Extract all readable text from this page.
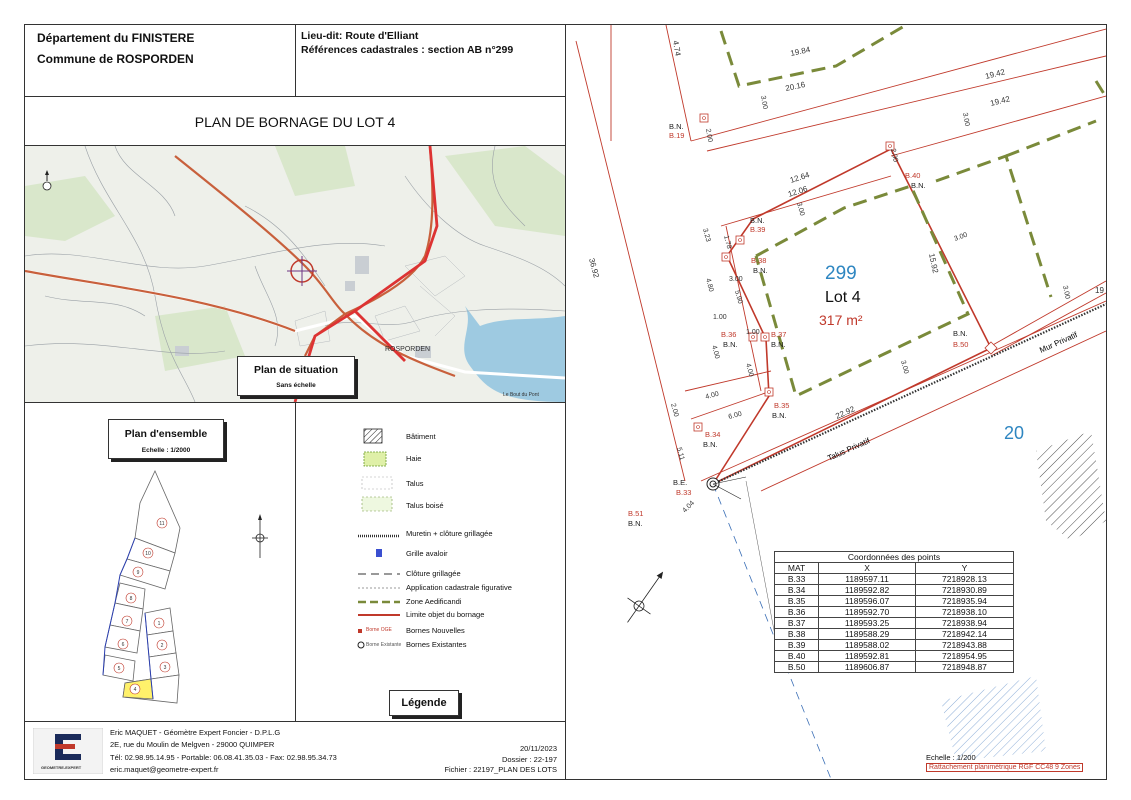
Département du FINISTERE
Commune de ROSPORDEN
Lieu-dit: Route d'Elliant
Références cadastrales : section AB n°299
PLAN DE BORNAGE DU LOT 4
ROSPORDEN
Le Bout du Pont
Plan de situation
Sans échelle
Plan d'ensemble
Echelle : 1/2000
11
10
9
8
7
6
5
1
2
3
4
Bâtiment
Haie
Talus
Talus boisé
Muretin + clôture grillagée
Grille avaloir
Clôture grillagée
Application cadastrale figurative
Zone Aedificandi
Limite objet du bornage
Borne OGE Bornes Nouvelles
Borne Existante Bornes Existantes
Légende
GEOMETRE-EXPERT
Eric MAQUET - Géomètre Expert Foncier - D.P.L.G
2E, rue du Moulin de Melgven - 29000 QUIMPER
Tél: 02.98.95.14.95 - Portable: 06.08.41.35.03 - Fax: 02.98.95.34.73
eric.maquet@geometre-expert.fr
20/11/2023
Dossier : 22-197
Fichier : 22197_PLAN DES LOTS
4.74	19.84
20.16
19.42
19.42
3.00
3.00
2.00
2.00
12.64
12.06
3.00
3.23 1.78
15.92
3.00
3.00	19
36.92
4.80
5.90
3.00
1.00
1.00
4.00
4.00	3.00
4.00
6.00	22.92
2.00
5.11
4.04
B.N.
B.19
B.N.
B.39
B.40
B.N.
B.38
B.N.
B.36
B.N.
B.37
B.N.
B.N.
B.50
B.35
B.N.
B.34
B.N.
B.E.
B.33
B.51
B.N.
299
Lot 4
317 m²
20
Mur Privatif
Talus Privatif
Coordonnées des points		
MAT	X	Y
B.33	1189597.11	7218928.13
B.34	1189592.82	7218930.89
B.35	1189596.07	7218935.94
B.36	1189592.70	7218938.10
B.37	1189593.25	7218938.94
B.38	1189588.29	7218942.14
B.39	1189588.02	7218943.88
B.40	1189592.81	7218954.95
B.50	1189606.87	7218948.87
Echelle : 1/200
Rattachement planimétrique RGF CC48 9 Zones
